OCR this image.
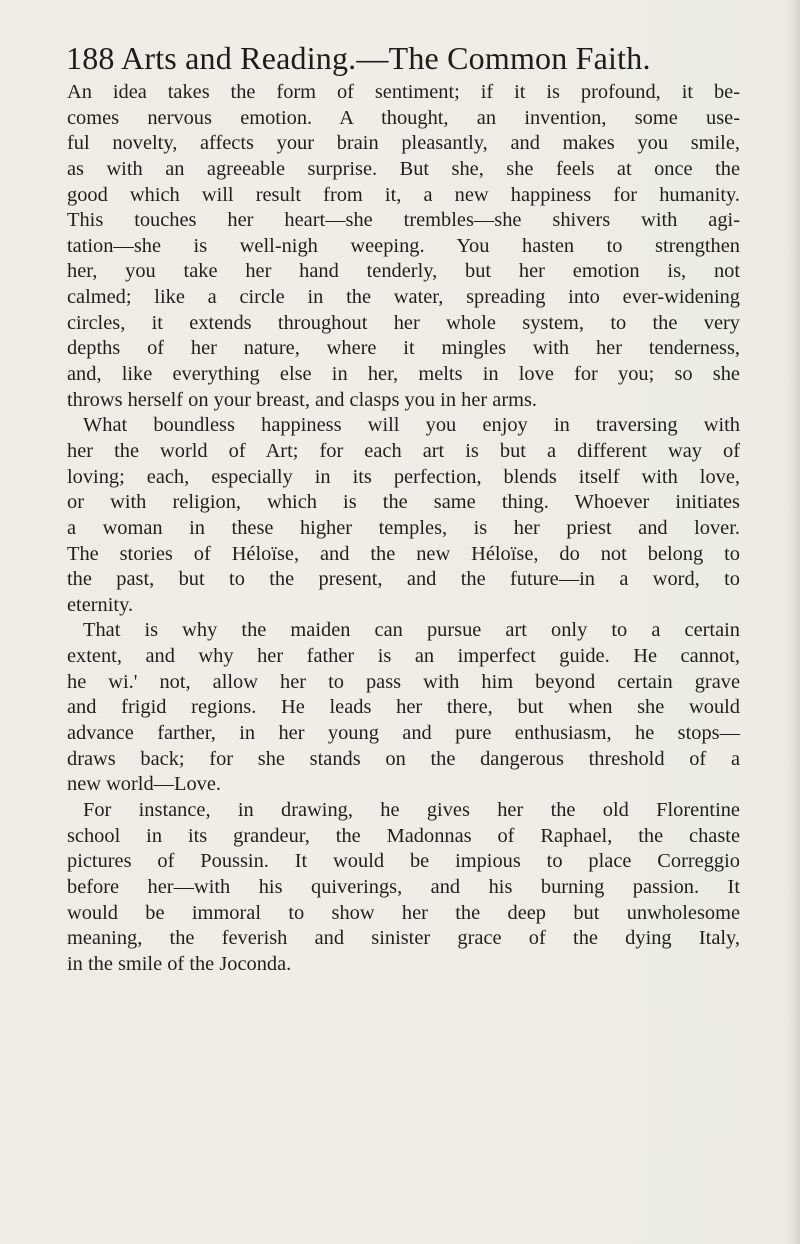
188 Arts and Reading.—The Common Faith.
An idea takes the form of sentiment; if it is profound, it be-
comes nervous emotion. A thought, an invention, some use-
ful novelty, affects your brain pleasantly, and makes you smile,
as with an agreeable surprise. But she, she feels at once the
good which will result from it, a new happiness for humanity.
This touches her heart—she trembles—she shivers with agi-
tation—she is well-nigh weeping. You hasten to strengthen
her, you take her hand tenderly, but her emotion is, not
calmed; like a circle in the water, spreading into ever-widening
circles, it extends throughout her whole system, to the very
depths of her nature, where it mingles with her tenderness,
and, like everything else in her, melts in love for you; so she
throws herself on your breast, and clasps you in her arms.
What boundless happiness will you enjoy in traversing with
her the world of Art; for each art is but a different way of
loving; each, especially in its perfection, blends itself with love,
or with religion, which is the same thing. Whoever initiates
a woman in these higher temples, is her priest and lover.
The stories of Héloïse, and the new Héloïse, do not belong to
the past, but to the present, and the future—in a word, to
eternity.
That is why the maiden can pursue art only to a certain
extent, and why her father is an imperfect guide. He cannot,
he wi.' not, allow her to pass with him beyond certain grave
and frigid regions. He leads her there, but when she would
advance farther, in her young and pure enthusiasm, he stops—
draws back; for she stands on the dangerous threshold of a
new world—Love.
For instance, in drawing, he gives her the old Florentine
school in its grandeur, the Madonnas of Raphael, the chaste
pictures of Poussin. It would be impious to place Correggio
before her—with his quiverings, and his burning passion. It
would be immoral to show her the deep but unwholesome
meaning, the feverish and sinister grace of the dying Italy,
in the smile of the Joconda.
